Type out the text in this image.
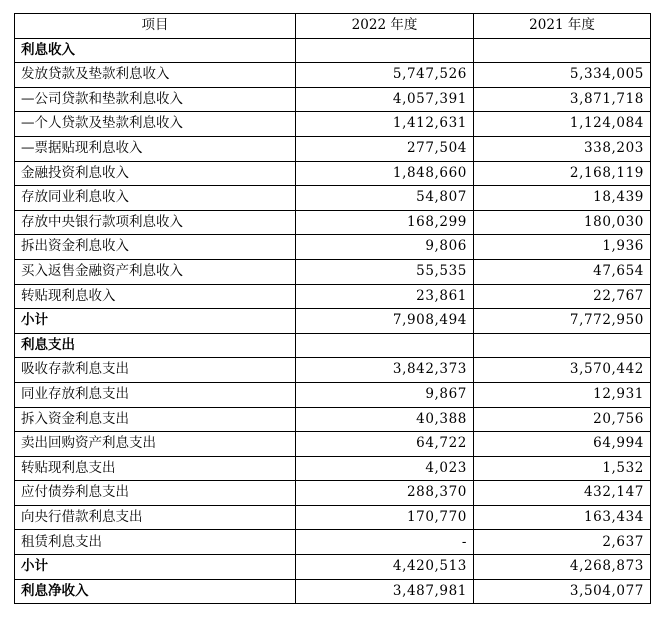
项目	2022 年度	2021 年度
利息收入		
发放贷款及垫款利息收入	5,747,526	5,334,005
—公司贷款和垫款利息收入	4,057,391	3,871,718
—个人贷款及垫款利息收入	1,412,631	1,124,084
—票据贴现利息收入	277,504	338,203
金融投资利息收入	1,848,660	2,168,119
存放同业利息收入	54,807	18,439
存放中央银行款项利息收入	168,299	180,030
拆出资金利息收入	9,806	1,936
买入返售金融资产利息收入	55,535	47,654
转贴现利息收入	23,861	22,767
小计	7,908,494	7,772,950
利息支出		
吸收存款利息支出	3,842,373	3,570,442
同业存放利息支出	9,867	12,931
拆入资金利息支出	40,388	20,756
卖出回购资产利息支出	64,722	64,994
转贴现利息支出	4,023	1,532
应付债券利息支出	288,370	432,147
向央行借款利息支出	170,770	163,434
租赁利息支出	-	2,637
小计	4,420,513	4,268,873
利息净收入	3,487,981	3,504,077
